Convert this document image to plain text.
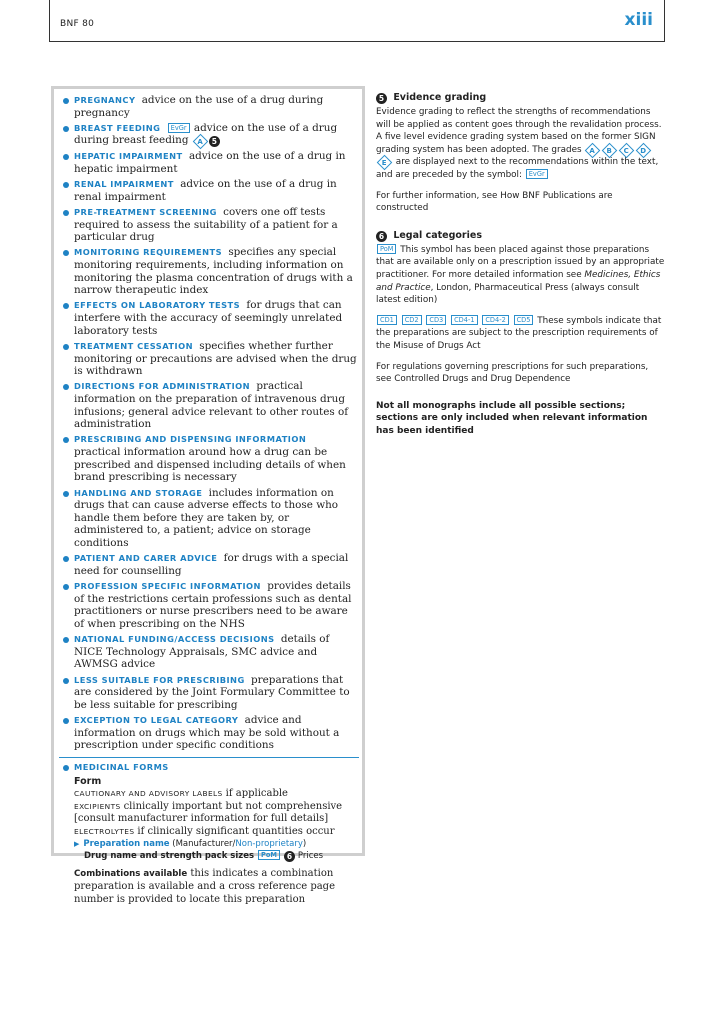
BNF 80	xiii
PREGNANCY advice on the use of a drug during pregnancy
BREAST FEEDING EvGr advice on the use of a drug during breast feeding A 5
HEPATIC IMPAIRMENT advice on the use of a drug in hepatic impairment
RENAL IMPAIRMENT advice on the use of a drug in renal impairment
PRE-TREATMENT SCREENING covers one off tests required to assess the suitability of a patient for a particular drug
MONITORING REQUIREMENTS specifies any special monitoring requirements, including information on monitoring the plasma concentration of drugs with a narrow therapeutic index
EFFECTS ON LABORATORY TESTS for drugs that can interfere with the accuracy of seemingly unrelated laboratory tests
TREATMENT CESSATION specifies whether further monitoring or precautions are advised when the drug is withdrawn
DIRECTIONS FOR ADMINISTRATION practical information on the preparation of intravenous drug infusions; general advice relevant to other routes of administration
PRESCRIBING AND DISPENSING INFORMATION practical information around how a drug can be prescribed and dispensed including details of when brand prescribing is necessary
HANDLING AND STORAGE includes information on drugs that can cause adverse effects to those who handle them before they are taken by, or administered to, a patient; advice on storage conditions
PATIENT AND CARER ADVICE for drugs with a special need for counselling
PROFESSION SPECIFIC INFORMATION provides details of the restrictions certain professions such as dental practitioners or nurse prescribers need to be aware of when prescribing on the NHS
NATIONAL FUNDING/ACCESS DECISIONS details of NICE Technology Appraisals, SMC advice and AWMSG advice
LESS SUITABLE FOR PRESCRIBING preparations that are considered by the Joint Formulary Committee to be less suitable for prescribing
EXCEPTION TO LEGAL CATEGORY advice and information on drugs which may be sold without a prescription under specific conditions
MEDICINAL FORMS
Form
CAUTIONARY AND ADVISORY LABELS if applicable
EXCIPIENTS clinically important but not comprehensive [consult manufacturer information for full details]
ELECTROLYTES if clinically significant quantities occur
▶ Preparation name (Manufacturer/Non-proprietary)
Drug name and strength pack sizes PoM 6 Prices
Combinations available this indicates a combination preparation is available and a cross reference page number is provided to locate this preparation
5 Evidence grading
Evidence grading to reflect the strengths of recommendations will be applied as content goes through the revalidation process. A five level evidence grading system based on the former SIGN grading system has been adopted. The grades A B C D

E are displayed next to the recommendations within the text, and are preceded by the symbol: EvGr
For further information, see How BNF Publications are constructed
6 Legal categories
PoM This symbol has been placed against those preparations that are available only on a prescription issued by an appropriate practitioner. For more detailed information see Medicines, Ethics and Practice, London, Pharmaceutical Press (always consult latest edition)
CD1 CD2 CD3 CD4-1 CD4-2 CD5 These symbols indicate that the preparations are subject to the prescription requirements of the Misuse of Drugs Act
For regulations governing prescriptions for such preparations, see Controlled Drugs and Drug Dependence
Not all monographs include all possible sections; sections are only included when relevant information has been identified
